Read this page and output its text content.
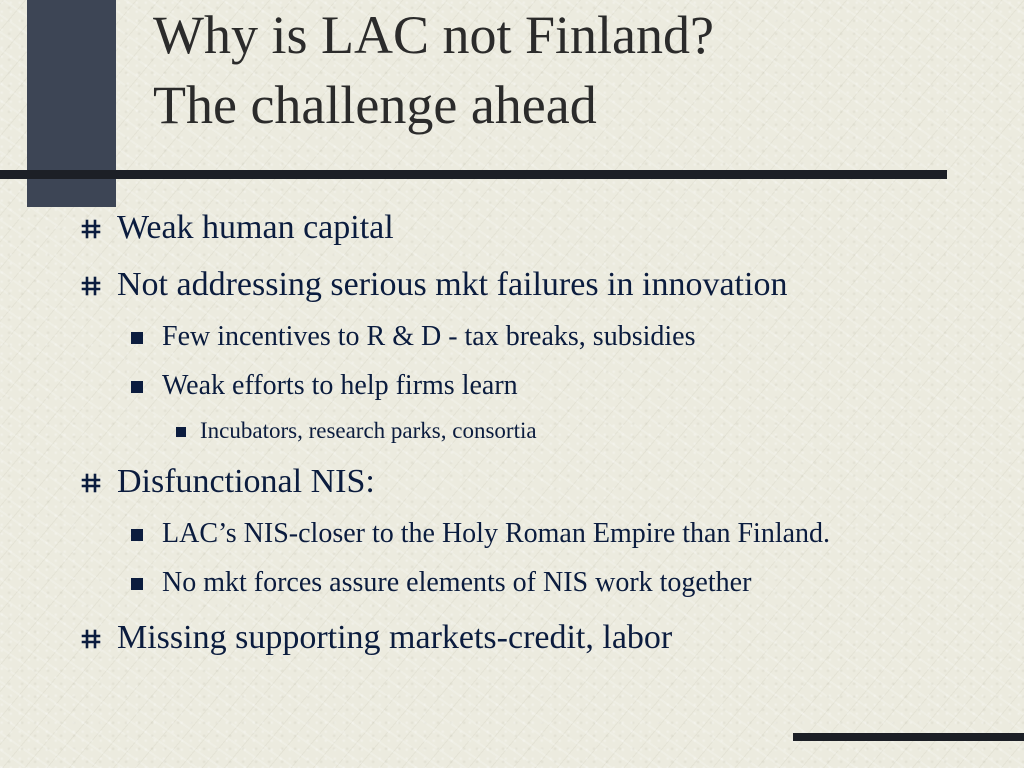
Why is LAC not Finland?
The challenge ahead
Weak human capital
Not addressing serious mkt failures in innovation
Few incentives to R & D - tax breaks, subsidies
Weak efforts to help firms learn
Incubators, research parks, consortia
Disfunctional NIS:
LAC’s NIS-closer to the Holy Roman Empire than Finland.
No mkt forces assure elements of NIS work together
Missing supporting markets-credit, labor
